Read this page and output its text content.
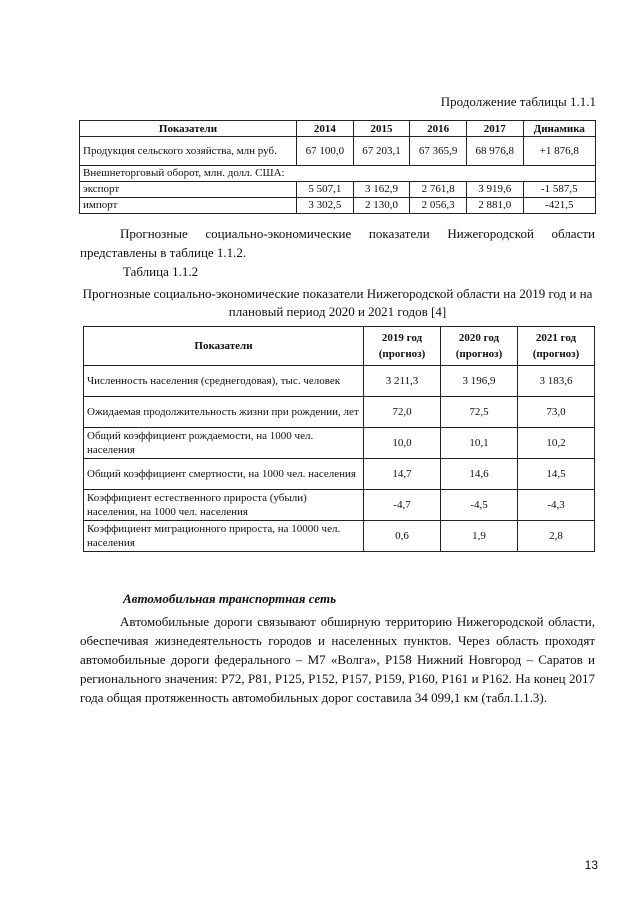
Продолжение таблицы 1.1.1
Показатели	2014	2015	2016	2017	Динамика
Продукция сельского хозяйства, млн руб.	67 100,0	67 203,1	67 365,9	68 976,8	+1 876,8
Внешнеторговый оборот, млн. долл. США:					
экспорт	5 507,1	3 162,9	2 761,8	3 919,6	-1 587,5
импорт	3 302,5	2 130,0	2 056,3	2 881,0	-421,5
Прогнозные социально-экономические показатели Нижегородской области представлены в таблице 1.1.2.
Таблица 1.1.2
Прогнозные социально-экономические показатели Нижегородской области на 2019 год и на плановый период 2020 и 2021 годов [4]
Показатели	2019 год (прогноз)	2020 год (прогноз)	2021 год (прогноз)
Численность населения (среднегодовая), тыс. человек	3 211,3	3 196,9	3 183,6
Ожидаемая продолжительность жизни при рождении, лет	72,0	72,5	73,0
Общий коэффициент рождаемости, на 1000 чел. населения	10,0	10,1	10,2
Общий коэффициент смертности, на 1000 чел. населения	14,7	14,6	14,5
Коэффициент естественного прироста (убыли) населения, на 1000 чел. населения	-4,7	-4,5	-4,3
Коэффициент миграционного прироста, на 10000 чел. населения	0,6	1,9	2,8
Автомобильная транспортная сеть
Автомобильные дороги связывают обширную территорию Нижегородской области, обеспечивая жизнедеятельность городов и населенных пунктов. Через область проходят автомобильные дороги федерального – М7 «Волга», Р158 Нижний Новгород – Саратов и регионального значения: Р72, Р81, Р125, Р152, Р157, Р159, Р160, Р161 и Р162. На конец 2017 года общая протяженность автомобильных дорог составила 34 099,1 км (табл.1.1.3).
13
